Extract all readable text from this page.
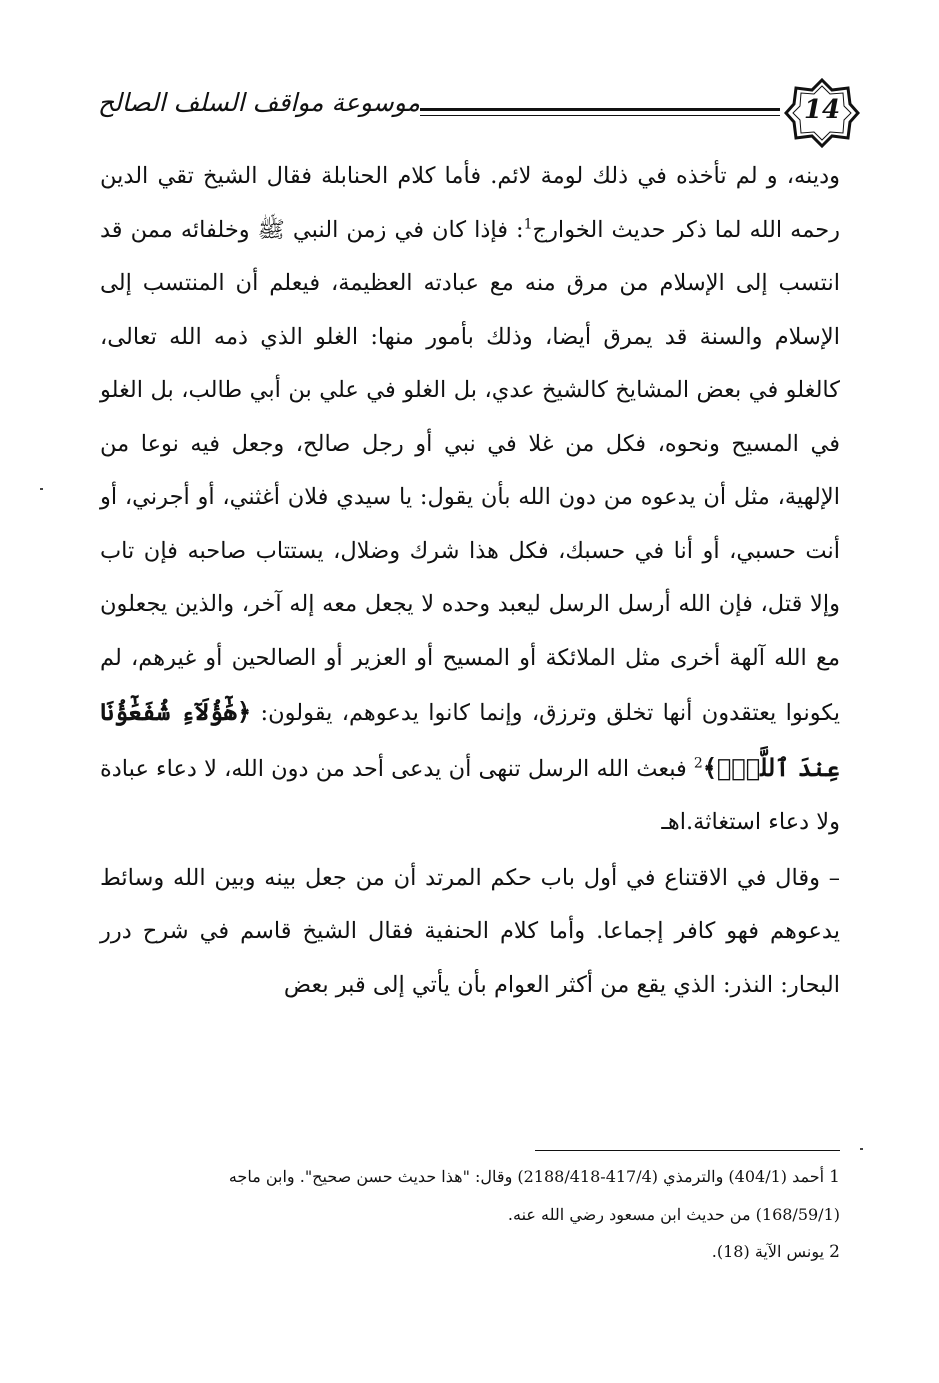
14
موسوعة مواقف السلف الصالح

ودينه، و لم تأخذه في ذلك لومة لائم. فأما كلام الحنابلة فقال الشيخ تقي الدين رحمه الله لما ذكر حديث الخوارج$^1$: فإذا كان في زمن النبي ﷺ وخلفائه ممن قد انتسب إلى الإسلام من مرق منه مع عبادته العظيمة، فيعلم أن المنتسب إلى الإسلام والسنة قد يمرق أيضا، وذلك بأمور منها: الغلو الذي ذمه الله تعالى، كالغلو في بعض المشايخ كالشيخ عدي، بل الغلو في علي بن أبي طالب، بل الغلو في المسيح ونحوه، فكل من غلا في نبي أو رجل صالح، وجعل فيه نوعا من الإلهية، مثل أن يدعوه من دون الله بأن يقول: يا سيدي فلان أغثني، أو أجرني، أو أنت حسبي، أو أنا في حسبك، فكل هذا شرك وضلال، يستتاب صاحبه فإن تاب وإلا قتل، فإن الله أرسل الرسل ليعبد وحده لا يجعل معه إله آخر، والذين يجعلون مع الله آلهة أخرى مثل الملائكة أو المسيح أو العزير أو الصالحين أو غيرهم، لم يكونوا يعتقدون أنها تخلق وترزق، وإنما كانوا يدعوهم، يقولون: ﴿هَٰٓؤُلَآءِ شُفَعَٰٓؤُنَا عِندَ ٱللَّهِۚ﴾$^2$ فبعث الله الرسل تنهى أن يدعى أحد من دون الله، لا دعاء عبادة ولا دعاء استغاثة.اهـ

– وقال في الاقتناع في أول باب حكم المرتد أن من جعل بينه وبين الله وسائط يدعوهم فهو كافر إجماعا. وأما كلام الحنفية فقال الشيخ قاسم في شرح درر البحار: النذر: الذي يقع من أكثر العوام بأن يأتي إلى قبر بعض

1 أحمد (404/1) والترمذي (417/4-2188/418) وقال: "هذا حديث حسن صحيح". وابن ماجه

(168/59/1) من حديث ابن مسعود رضي الله عنه.

2 يونس الآية (18).
